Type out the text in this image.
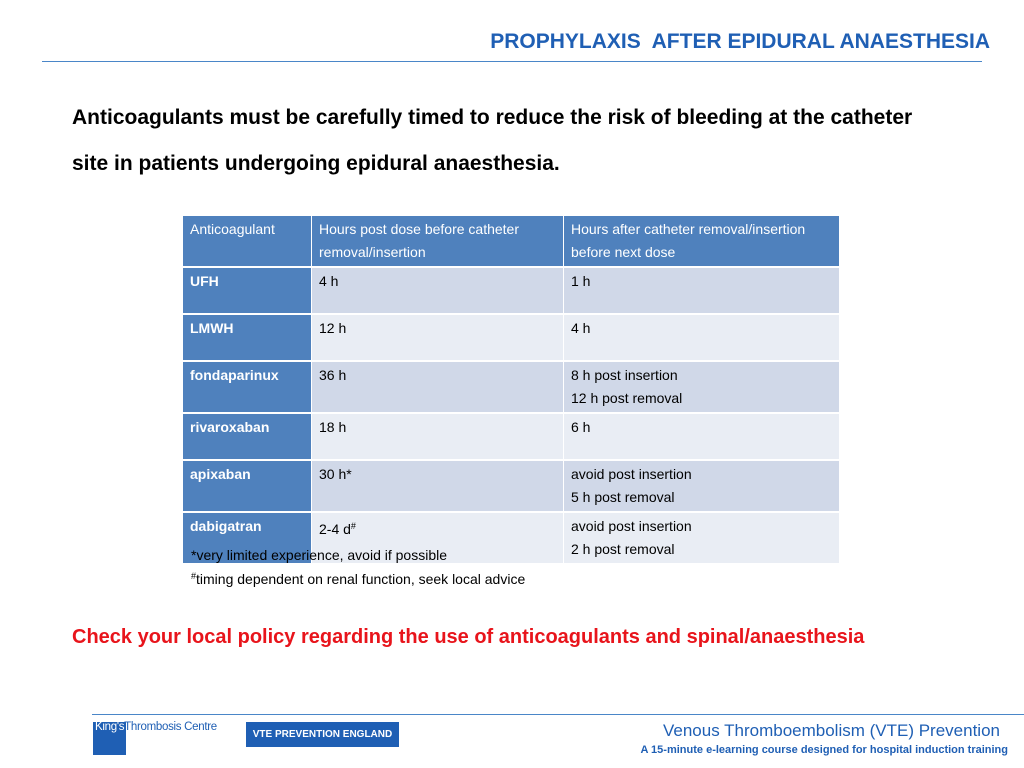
PROPHYLAXIS  AFTER EPIDURAL ANAESTHESIA

Anticoagulants must be carefully timed to reduce the risk of bleeding at the catheter site in patients undergoing epidural anaesthesia.

Anticoagulant	Hours post dose before catheter removal/insertion	Hours after catheter removal/insertion before next dose
UFH	4 h	1 h

LMWH	12 h	4 h

fondaparinux	36 h	8 h post insertion
12 h post removal

rivaroxaban	18 h	6 h

apixaban	30 h*	avoid post insertion
5 h post removal

dabigatran	2-4 d#	avoid post insertion
2 h post removal
*very limited experience, avoid if possible
#timing dependent on renal function, seek local advice
Check your local policy regarding the use of anticoagulants and spinal/anaesthesia
King'sThrombosis Centre
VTE PREVENTION ENGLAND	Venous Thromboembolism (VTE) Prevention
A 15-minute e-learning course designed for hospital induction training
